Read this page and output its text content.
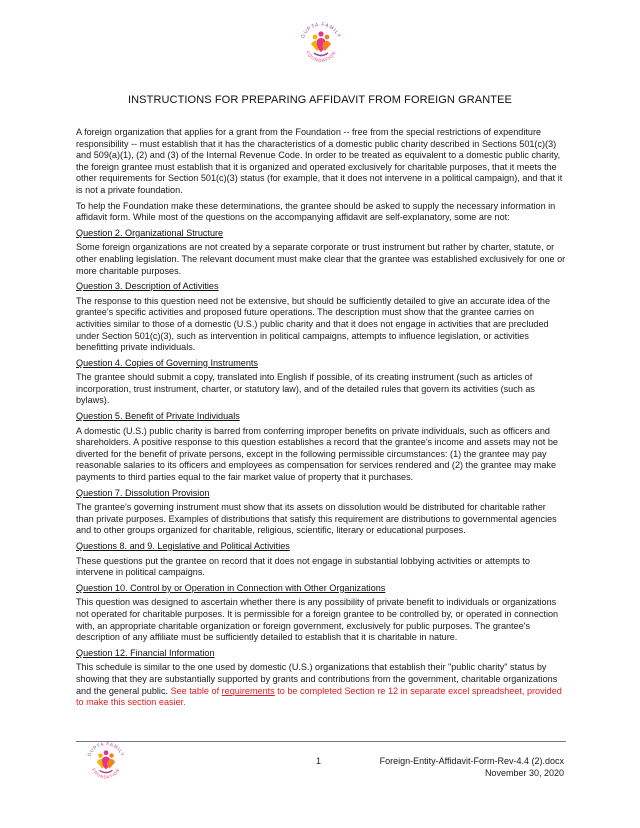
GUPTA FAMILY
FOUNDATION
INSTRUCTIONS FOR PREPARING AFFIDAVIT FROM FOREIGN GRANTEE

A foreign organization that applies for a grant from the Foundation -- free from the special restrictions of expenditure responsibility -- must establish that it has the characteristics of a domestic public charity described in Sections 501(c)(3) and 509(a)(1), (2) and (3) of the Internal Revenue Code. In order to be treated as equivalent to a domestic public charity, the foreign grantee must establish that it is organized and operated exclusively for charitable purposes, that it meets the other requirements for Section 501(c)(3) status (for example, that it does not intervene in a political campaign), and that it is not a private foundation.

To help the Foundation make these determinations, the grantee should be asked to supply the necessary information in affidavit form. While most of the questions on the accompanying affidavit are self-explanatory, some are not:

Question 2. Organizational Structure

Some foreign organizations are not created by a separate corporate or trust instrument but rather by charter, statute, or other enabling legislation. The relevant document must make clear that the grantee was established exclusively for one or more charitable purposes.

Question 3. Description of Activities

The response to this question need not be extensive, but should be sufficiently detailed to give an accurate idea of the grantee's specific activities and proposed future operations. The description must show that the grantee carries on activities similar to those of a domestic (U.S.) public charity and that it does not engage in activities that are precluded under Section 501(c)(3), such as intervention in political campaigns, attempts to influence legislation, or activities benefitting private individuals.

Question 4. Copies of Governing Instruments

The grantee should submit a copy, translated into English if possible, of its creating instrument (such as articles of incorporation, trust instrument, charter, or statutory law), and of the detailed rules that govern its activities (such as bylaws).

Question 5. Benefit of Private Individuals

A domestic (U.S.) public charity is barred from conferring improper benefits on private individuals, such as officers and shareholders. A positive response to this question establishes a record that the grantee's income and assets may not be diverted for the benefit of private persons, except in the following permissible circumstances: (1) the grantee may pay reasonable salaries to its officers and employees as compensation for services rendered and (2) the grantee may make payments to third parties equal to the fair market value of property that it purchases.

Question 7. Dissolution Provision

The grantee's governing instrument must show that its assets on dissolution would be distributed for charitable rather than private purposes. Examples of distributions that satisfy this requirement are distributions to governmental agencies and to other groups organized for charitable, religious, scientific, literary or educational purposes.

Questions 8. and 9. Legislative and Political Activities

These questions put the grantee on record that it does not engage in substantial lobbying activities or attempts to intervene in political campaigns.

Question 10. Control by or Operation in Connection with Other Organizations

This question was designed to ascertain whether there is any possibility of private benefit to individuals or organizations not operated for charitable purposes. It is permissible for a foreign grantee to be controlled by, or operated in connection with, an appropriate charitable organization or foreign government, exclusively for public purposes. The grantee's description of any affiliate must be sufficiently detailed to establish that it is charitable in nature.

Question 12. Financial Information

This schedule is similar to the one used by domestic (U.S.) organizations that establish their "public charity" status by showing that they are substantially supported by grants and contributions from the government, charitable organizations and the general public. See table of requirements to be completed Section re 12 in separate excel spreadsheet, provided to make this section easier.

GUPTA FAMILY
FOUNDATION
1	Foreign-Entity-Affidavit-Form-Rev-4.4 (2).docx
November 30, 2020
